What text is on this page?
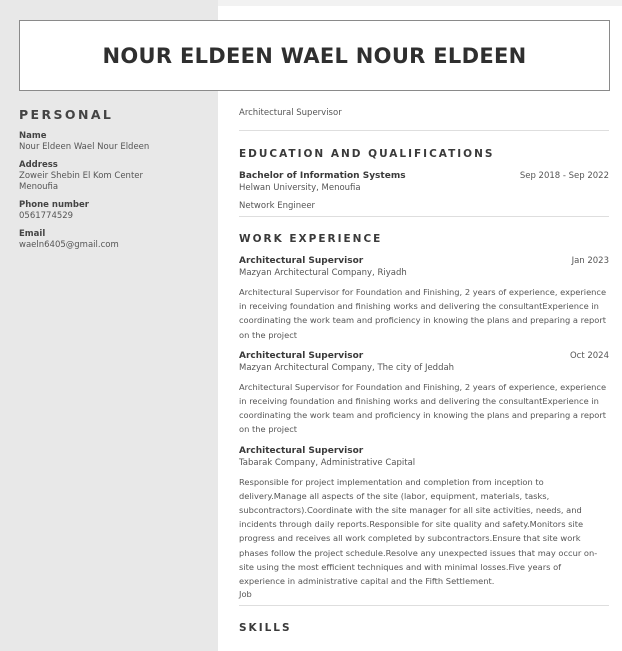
NOUR ELDEEN WAEL NOUR ELDEEN
PERSONAL
Name
Nour Eldeen Wael Nour Eldeen
Address
Zoweir Shebin El Kom Center
Menoufia
Phone number
0561774529
Email
waeln6405@gmail.com
Architectural Supervisor
EDUCATION AND QUALIFICATIONS
Bachelor of Information Systems	Sep 2018 - Sep 2022
Helwan University, Menoufia
Network Engineer
WORK EXPERIENCE
Architectural Supervisor	Jan 2023
Mazyan Architectural Company, Riyadh
Architectural Supervisor for Foundation and Finishing, 2 years of experience, experience in receiving foundation and finishing works and delivering the consultantExperience in coordinating the work team and proficiency in knowing the plans and preparing a report on the project
Architectural Supervisor	Oct 2024
Mazyan Architectural Company, The city of Jeddah
Architectural Supervisor for Foundation and Finishing, 2 years of experience, experience in receiving foundation and finishing works and delivering the consultantExperience in coordinating the work team and proficiency in knowing the plans and preparing a report on the project
Architectural Supervisor
Tabarak Company, Administrative Capital
Responsible for project implementation and completion from inception to delivery.Manage all aspects of the site (labor, equipment, materials, tasks, subcontractors).Coordinate with the site manager for all site activities, needs, and incidents through daily reports.Responsible for site quality and safety.Monitors site progress and receives all work completed by subcontractors.Ensure that site work phases follow the project schedule.Resolve any unexpected issues that may occur on-site using the most efficient techniques and with minimal losses.Five years of experience in administrative capital and the Fifth Settlement.
Job
SKILLS
